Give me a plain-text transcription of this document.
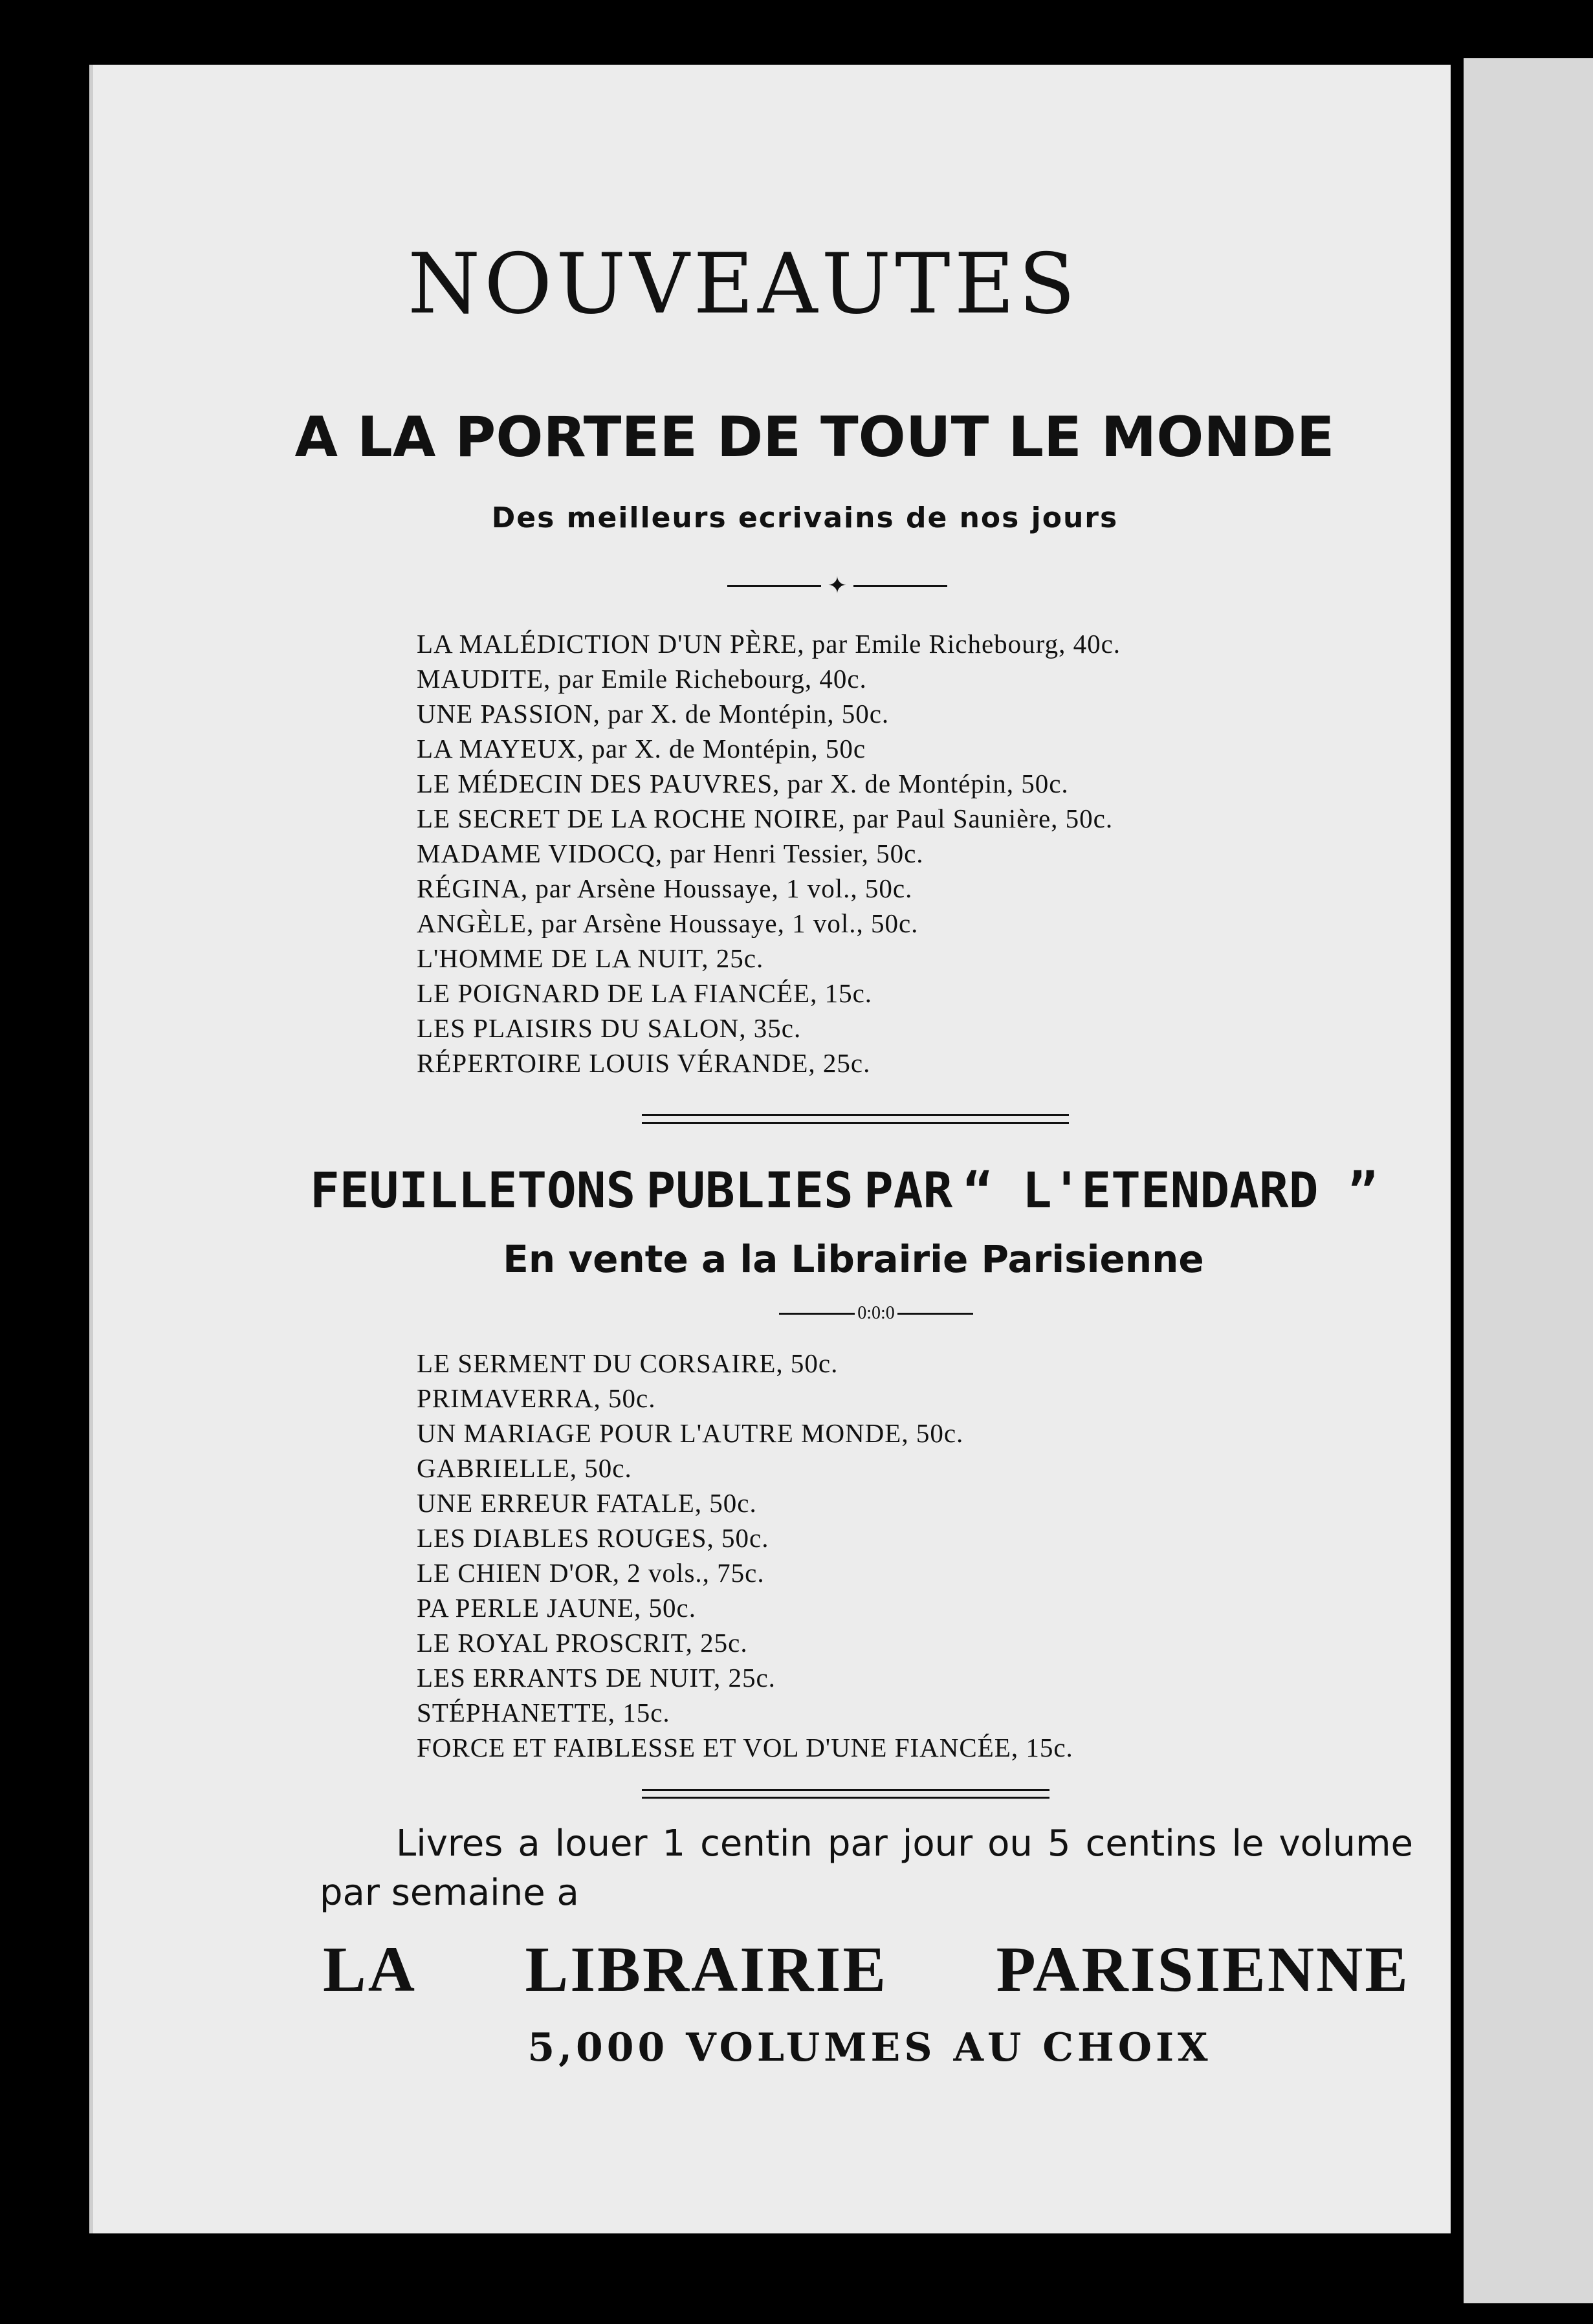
NOUVEAUTES
A LA PORTEE DE TOUT LE MONDE
Des meilleurs ecrivains de nos jours
✦
LA MALÉDICTION D'UN PÈRE, par Emile Richebourg, 40c.
MAUDITE, par Emile Richebourg, 40c.
UNE PASSION, par X. de Montépin, 50c.
LA MAYEUX, par X. de Montépin, 50c
LE MÉDECIN DES PAUVRES, par X. de Montépin, 50c.
LE SECRET DE LA ROCHE NOIRE, par Paul Saunière, 50c.
MADAME VIDOCQ, par Henri Tessier, 50c.
RÉGINA, par Arsène Houssaye, 1 vol., 50c.
ANGÈLE, par Arsène Houssaye, 1 vol., 50c.
L'HOMME DE LA NUIT, 25c.
LE POIGNARD DE LA FIANCÉE, 15c.
LES PLAISIRS DU SALON, 35c.
RÉPERTOIRE LOUIS VÉRANDE, 25c.
FEUILLETONS PUBLIES PAR “ L'ETENDARD ”
En vente a la Librairie Parisienne
0:0:0
LE SERMENT DU CORSAIRE, 50c.
PRIMAVERRA, 50c.
UN MARIAGE POUR L'AUTRE MONDE, 50c.
GABRIELLE, 50c.
UNE ERREUR FATALE, 50c.
LES DIABLES ROUGES, 50c.
LE CHIEN D'OR, 2 vols., 75c.
PA PERLE JAUNE, 50c.
LE ROYAL PROSCRIT, 25c.
LES ERRANTS DE NUIT, 25c.
STÉPHANETTE, 15c.
FORCE ET FAIBLESSE ET VOL D'UNE FIANCÉE, 15c.
Livres a louer 1 centin par jour ou 5 centins le volume par semaine a
LA LIBRAIRIE PARISIENNE
5,000 VOLUMES AU CHOIX
